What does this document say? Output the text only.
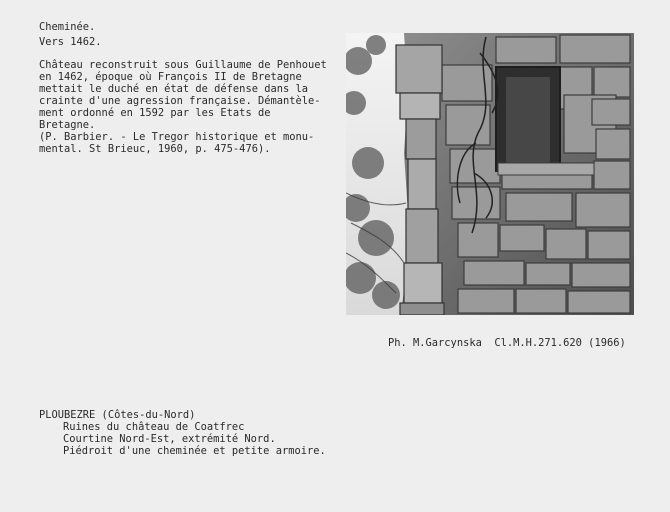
Cheminée.
Vers 1462.
Château reconstruit sous Guillaume de Penhouet
en 1462, époque où François II de Bretagne
mettait le duché en état de défense dans la
crainte d'une agression française. Démantèle-
ment ordonné en 1592 par les Etats de
Bretagne.
(P. Barbier. - Le Tregor historique et monu-
mental. St Brieuc, 1960, p. 475-476).
Ph. M.Garcynska  Cl.M.H.271.620 (1966)
PLOUBEZRE (Côtes-du-Nord)
Ruines du château de Coatfrec
Courtine Nord-Est, extrémité Nord.
Piédroit d'une cheminée et petite armoire.
